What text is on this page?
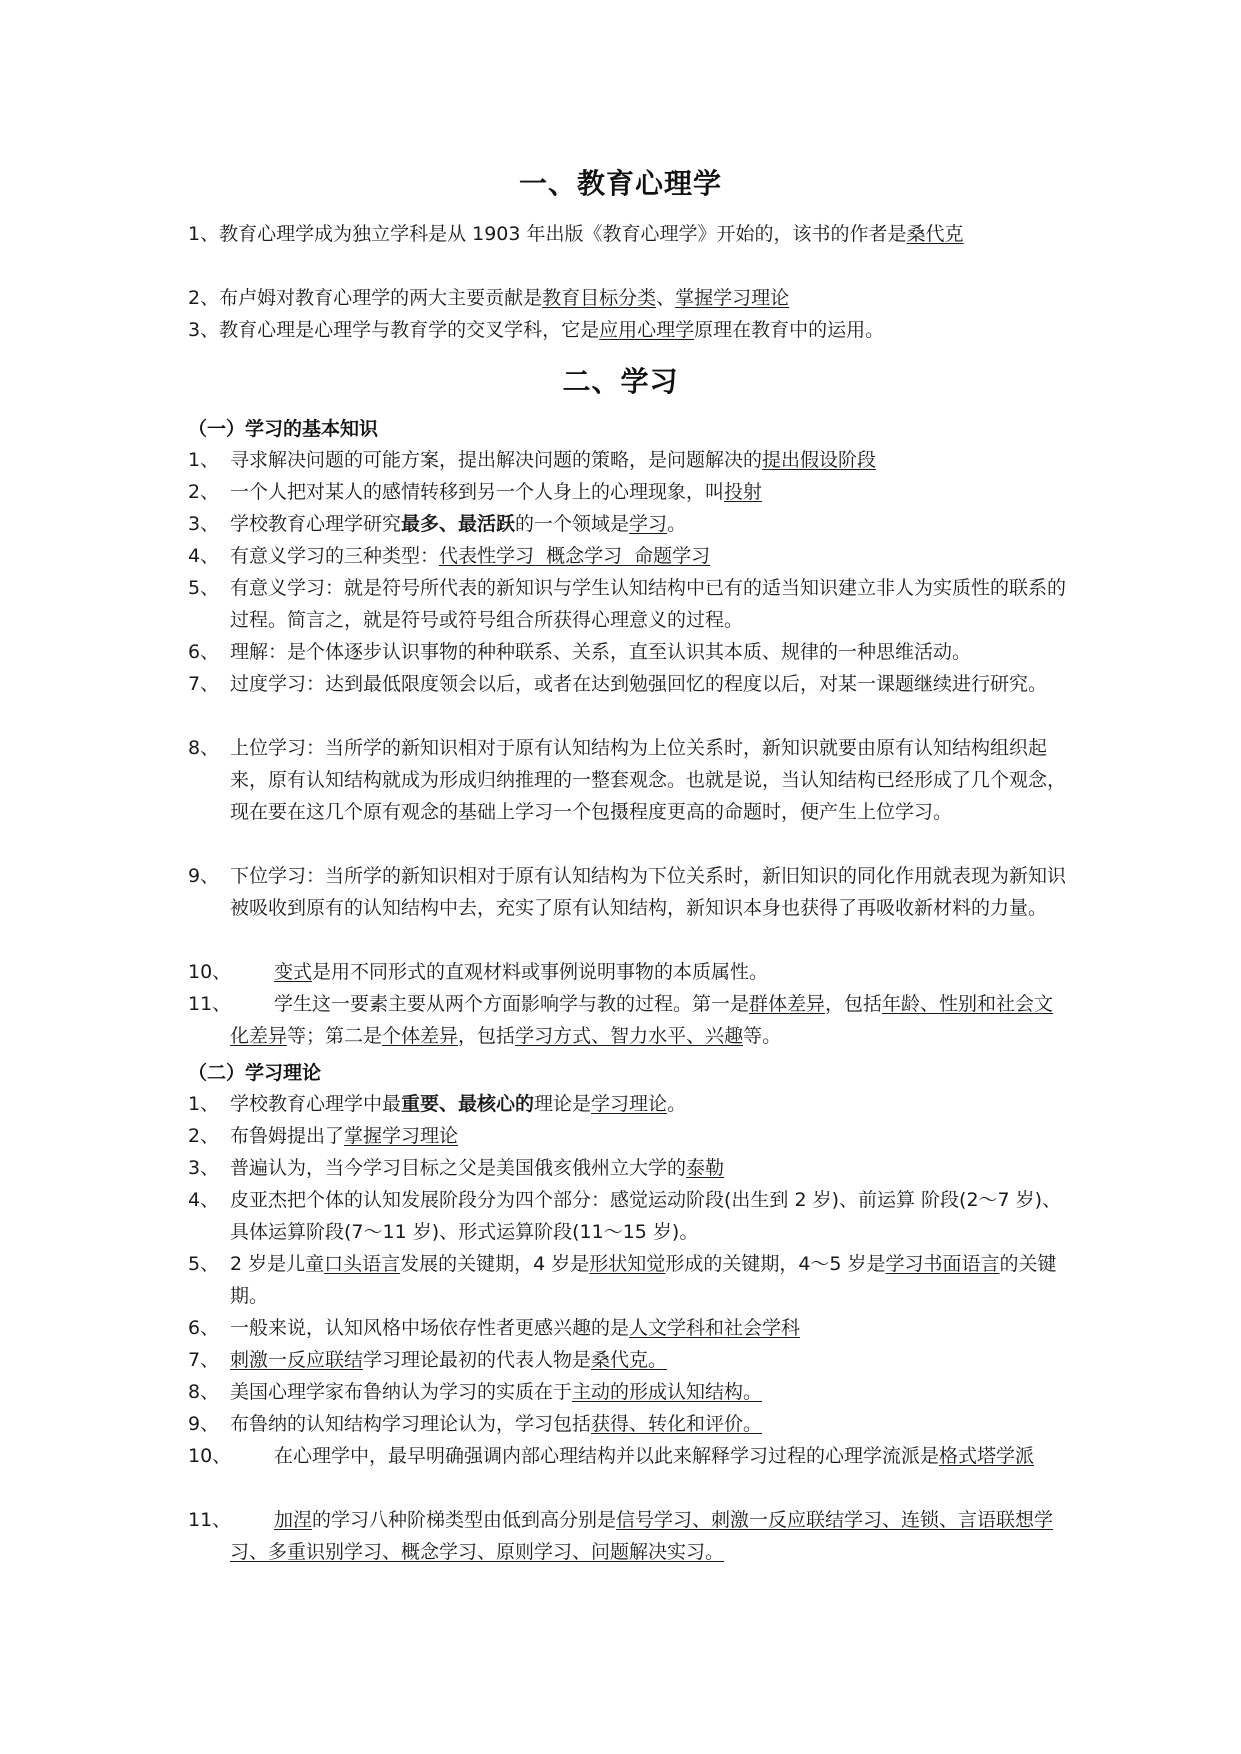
一、教育心理学
1、教育心理学成为独立学科是从 1903 年出版《教育心理学》开始的，该书的作者是桑代克
2、布卢姆对教育心理学的两大主要贡献是教育目标分类、掌握学习理论
3、教育心理是心理学与教育学的交叉学科，它是应用心理学原理在教育中的运用。
二、学习
（一）学习的基本知识
1、 寻求解决问题的可能方案，提出解决问题的策略，是问题解决的提出假设阶段
2、 一个人把对某人的感情转移到另一个人身上的心理现象，叫投射
3、 学校教育心理学研究最多、最活跃的一个领域是学习。
4、 有意义学习的三种类型：代表性学习  概念学习  命题学习
5、 有意义学习：就是符号所代表的新知识与学生认知结构中已有的适当知识建立非人为实质性的联系的过程。简言之，就是符号或符号组合所获得心理意义的过程。
6、 理解：是个体逐步认识事物的种种联系、关系，直至认识其本质、规律的一种思维活动。
7、 过度学习：达到最低限度领会以后，或者在达到勉强回忆的程度以后，对某一课题继续进行研究。
8、 上位学习：当所学的新知识相对于原有认知结构为上位关系时，新知识就要由原有认知结构组织起来，原有认知结构就成为形成归纳推理的一整套观念。也就是说，当认知结构已经形成了几个观念，现在要在这几个原有观念的基础上学习一个包摄程度更高的命题时，便产生上位学习。
9、 下位学习：当所学的新知识相对于原有认知结构为下位关系时，新旧知识的同化作用就表现为新知识被吸收到原有的认知结构中去，充实了原有认知结构，新知识本身也获得了再吸收新材料的力量。
10、	变式是用不同形式的直观材料或事例说明事物的本质属性。
11、	学生这一要素主要从两个方面影响学与教的过程。第一是群体差异，包括年龄、性别和社会文化差异等；第二是个体差异，包括学习方式、智力水平、兴趣等。
（二）学习理论
1、 学校教育心理学中最重要、最核心的理论是学习理论。
2、 布鲁姆提出了掌握学习理论
3、 普遍认为，当今学习目标之父是美国俄亥俄州立大学的泰勒
4、 皮亚杰把个体的认知发展阶段分为四个部分：感觉运动阶段(出生到 2 岁)、前运算 阶段(2～7 岁)、具体运算阶段(7～11 岁)、形式运算阶段(11～15 岁)。
5、 2 岁是儿童口头语言发展的关键期，4 岁是形状知觉形成的关键期，4～5 岁是学习书面语言的关键期。
6、 一般来说，认知风格中场依存性者更感兴趣的是人文学科和社会学科
7、 刺激一反应联结学习理论最初的代表人物是桑代克。
8、 美国心理学家布鲁纳认为学习的实质在于主动的形成认知结构。
9、 布鲁纳的认知结构学习理论认为，学习包括获得、转化和评价。
10、	在心理学中，最早明确强调内部心理结构并以此来解释学习过程的心理学流派是格式塔学派
11、	加涅的学习八种阶梯类型由低到高分别是信号学习、刺激一反应联结学习、连锁、言语联想学习、多重识别学习、概念学习、原则学习、问题解决实习。
